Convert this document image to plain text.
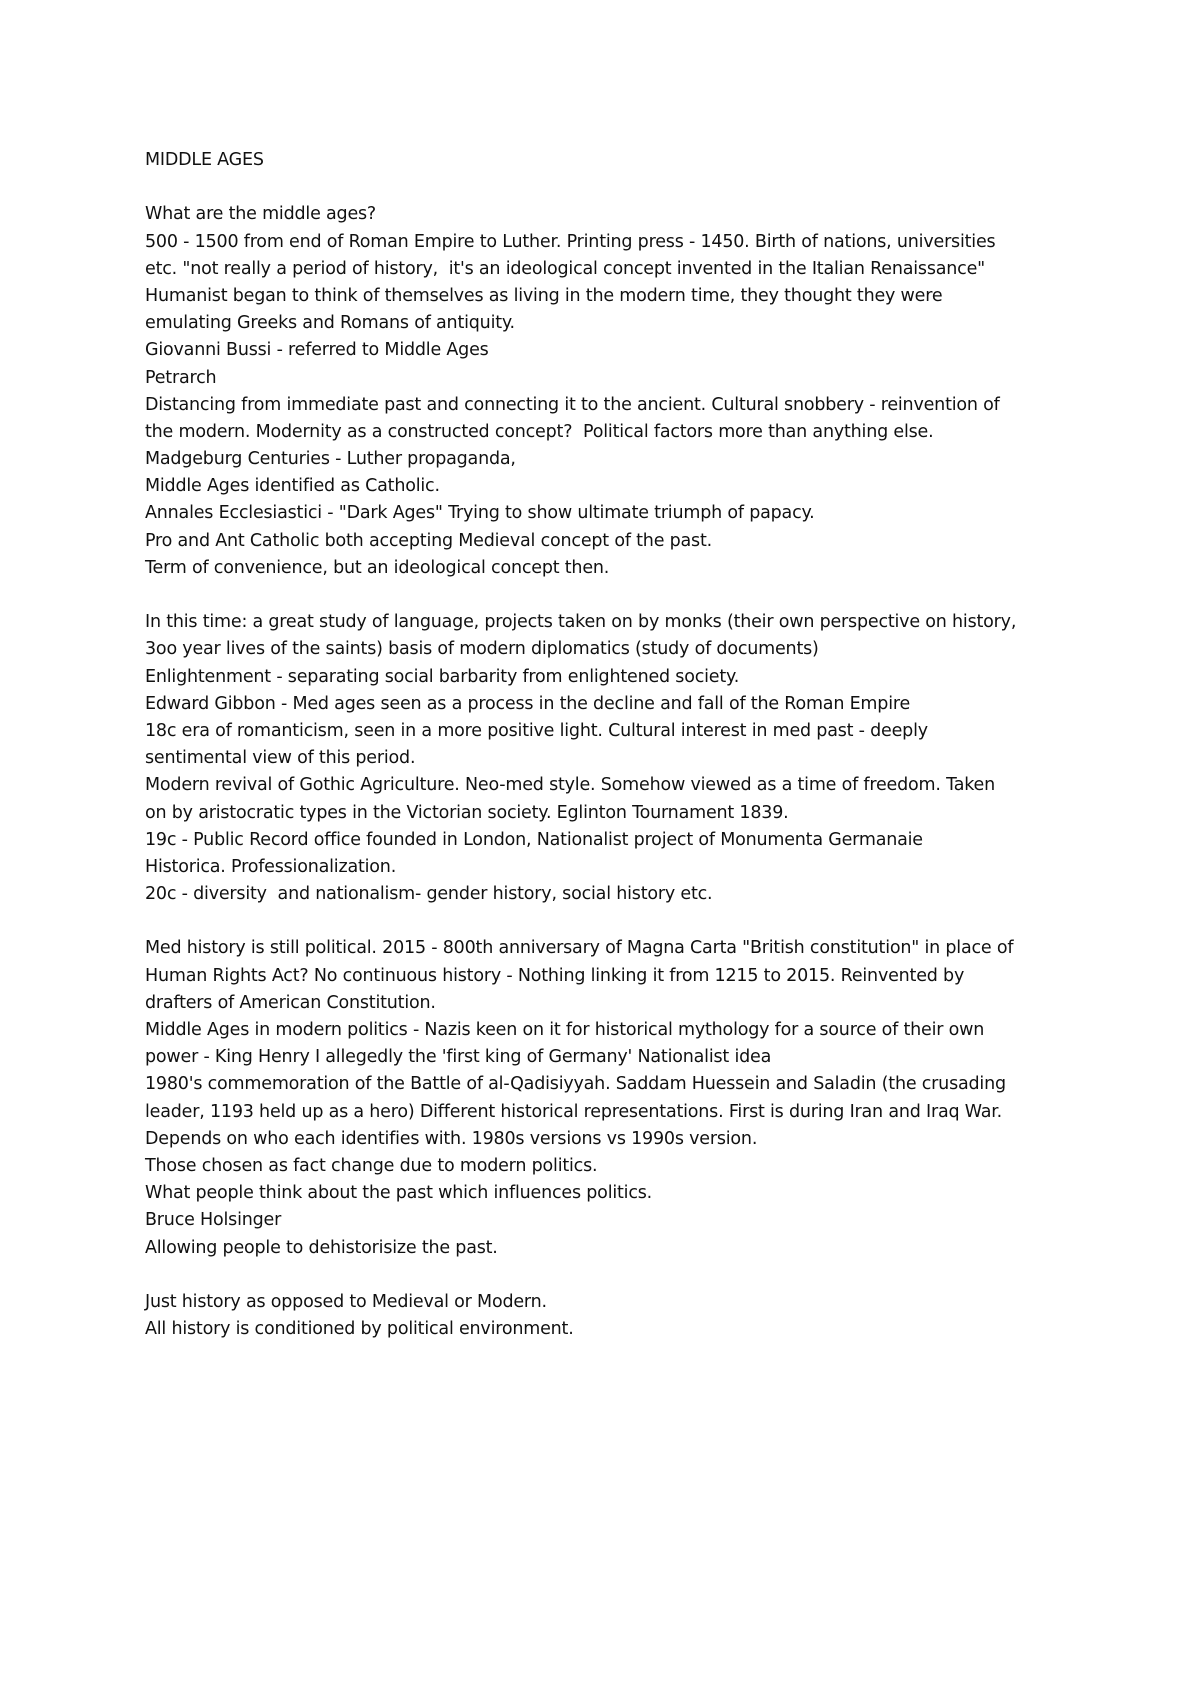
MIDDLE AGES
What are the middle ages?
500 - 1500 from end of Roman Empire to Luther. Printing press - 1450. Birth of nations, universities
etc. "not really a period of history,  it's an ideological concept invented in the Italian Renaissance"
Humanist began to think of themselves as living in the modern time, they thought they were
emulating Greeks and Romans of antiquity.
Giovanni Bussi - referred to Middle Ages
Petrarch
Distancing from immediate past and connecting it to the ancient. Cultural snobbery - reinvention of
the modern. Modernity as a constructed concept?  Political factors more than anything else.
Madgeburg Centuries - Luther propaganda,
Middle Ages identified as Catholic.
Annales Ecclesiastici - "Dark Ages" Trying to show ultimate triumph of papacy.
Pro and Ant Catholic both accepting Medieval concept of the past.
Term of convenience, but an ideological concept then.
In this time: a great study of language, projects taken on by monks (their own perspective on history,
3oo year lives of the saints) basis of modern diplomatics (study of documents)
Enlightenment - separating social barbarity from enlightened society.
Edward Gibbon - Med ages seen as a process in the decline and fall of the Roman Empire
18c era of romanticism, seen in a more positive light. Cultural interest in med past - deeply
sentimental view of this period.
Modern revival of Gothic Agriculture. Neo-med style. Somehow viewed as a time of freedom. Taken
on by aristocratic types in the Victorian society. Eglinton Tournament 1839.
19c - Public Record office founded in London, Nationalist project of Monumenta Germanaie
Historica. Professionalization.
20c - diversity  and nationalism- gender history, social history etc.
Med history is still political. 2015 - 800th anniversary of Magna Carta "British constitution" in place of
Human Rights Act? No continuous history - Nothing linking it from 1215 to 2015. Reinvented by
drafters of American Constitution.
Middle Ages in modern politics - Nazis keen on it for historical mythology for a source of their own
power - King Henry I allegedly the 'first king of Germany' Nationalist idea
1980's commemoration of the Battle of al-Qadisiyyah. Saddam Huessein and Saladin (the crusading
leader, 1193 held up as a hero) Different historical representations. First is during Iran and Iraq War.
Depends on who each identifies with. 1980s versions vs 1990s version.
Those chosen as fact change due to modern politics.
What people think about the past which influences politics.
Bruce Holsinger
Allowing people to dehistorisize the past.
Just history as opposed to Medieval or Modern.
All history is conditioned by political environment.
